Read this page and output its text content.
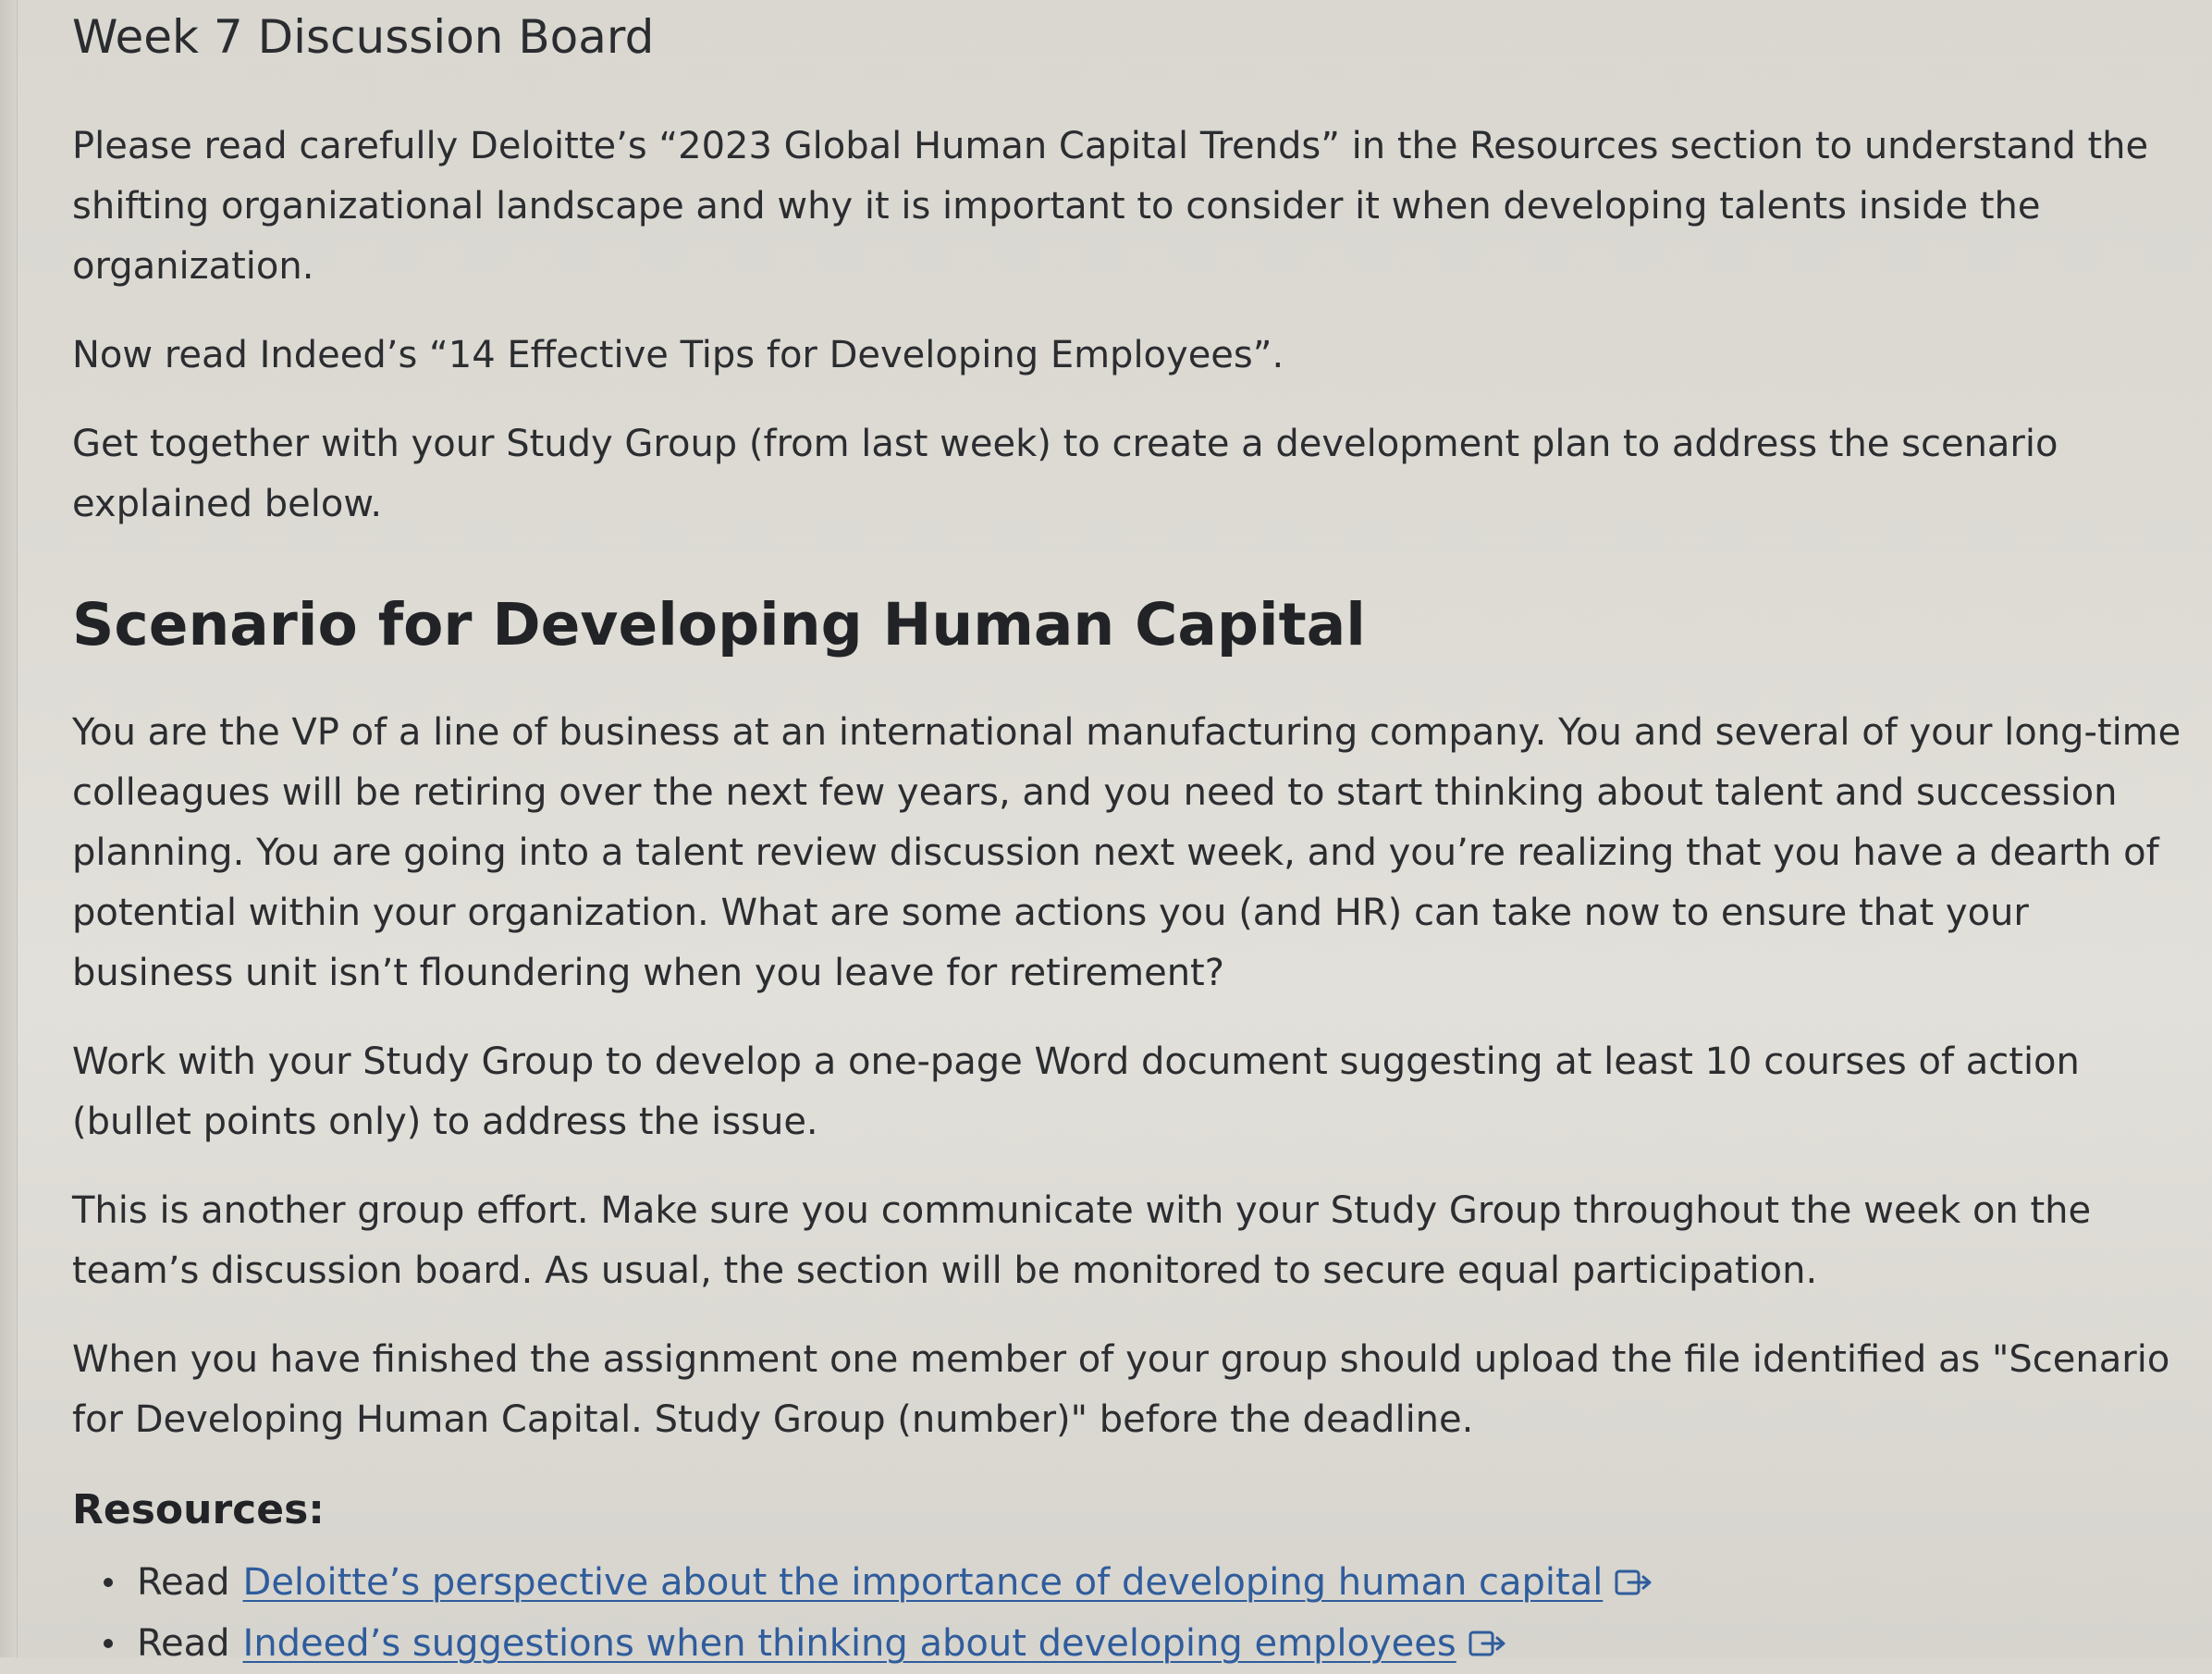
Week 7 Discussion Board

Please read carefully Deloitte’s “2023 Global Human Capital Trends” in the Resources section to understand the shifting organizational landscape and why it is important to consider it when developing talents inside the organization.

Now read Indeed’s “14 Effective Tips for Developing Employees”.

Get together with your Study Group (from last week) to create a development plan to address the scenario explained below.

Scenario for Developing Human Capital

You are the VP of a line of business at an international manufacturing company. You and several of your long-time colleagues will be retiring over the next few years, and you need to start thinking about talent and succession planning. You are going into a talent review discussion next week, and you’re realizing that you have a dearth of potential within your organization. What are some actions you (and HR) can take now to ensure that your business unit isn’t floundering when you leave for retirement?

Work with your Study Group to develop a one-page Word document suggesting at least 10 courses of action (bullet points only) to address the issue.

This is another group effort. Make sure you communicate with your Study Group throughout the week on the team’s discussion board. As usual, the section will be monitored to secure equal participation.

When you have finished the assignment one member of your group should upload the file identified as "Scenario for Developing Human Capital. Study Group (number)" before the deadline.

Resources:
Read Deloitte’s perspective about the importance of developing human capital
Read Indeed’s suggestions when thinking about developing employees
